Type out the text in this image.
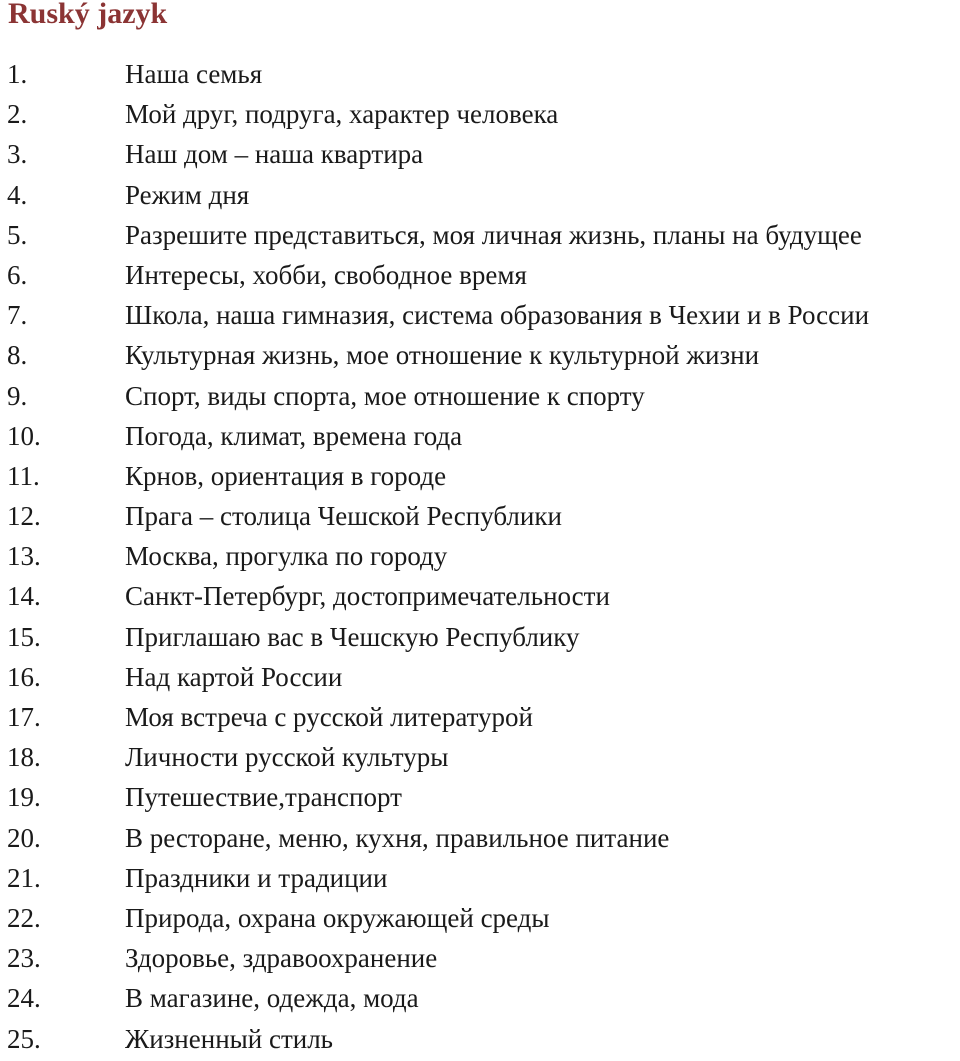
Ruský jazyk
1.	Наша семья
2.	Мой друг, подруга, характер человека
3.	Наш дом – наша квартира
4.	Режим дня
5.	Разрешите представиться, моя личная жизнь, планы на будущее
6.	Интересы, хобби, свободное время
7.	Школа, наша гимназия, система образования в Чехии и в России
8.	Культурная жизнь, мое отношение к культурной жизни
9.	Спорт, виды спорта, мое отношение к спорту
10.	Погода, климат, времена года
11.	Крнов, ориентация в городе
12.	Прага – столица Чешской Республики
13.	Москва, прогулка по городу
14.	Санкт-Петербург, достопримечательности
15.	Приглашаю вас в Чешскую Республику
16.	Над картой России
17.	Моя встреча с русской литературой
18.	Личности русской культуры
19.	Путешествие,транспорт
20.	В ресторане, меню, кухня, правильное питание
21.	Праздники и традиции
22.	Природа, охрана окружающей среды
23.	Здоровье, здравоохранение
24.	В магазине, одежда, мода
25.	Жизненный стиль
